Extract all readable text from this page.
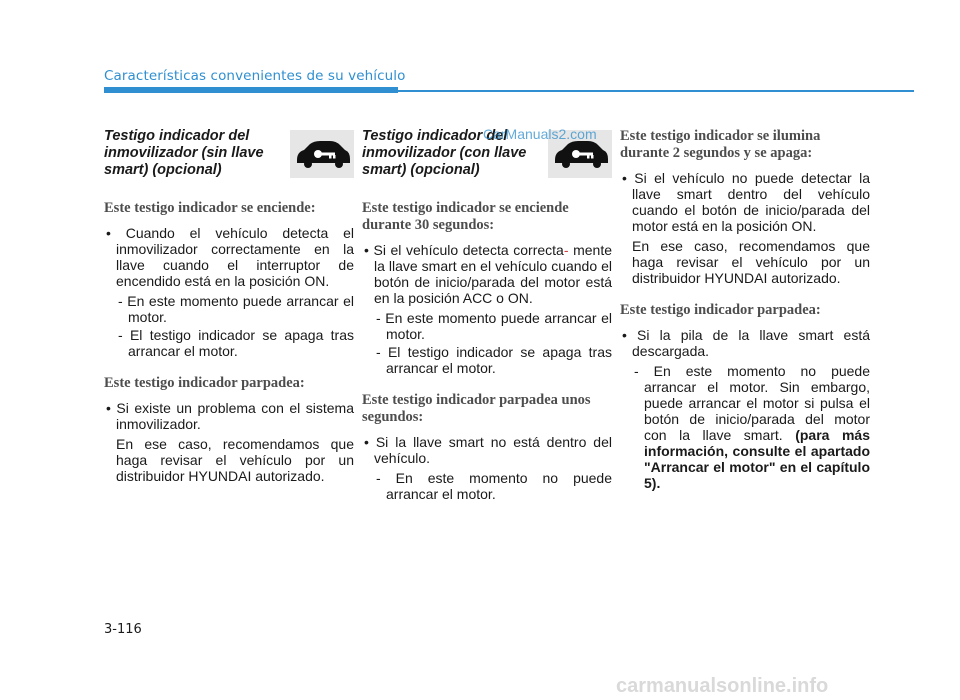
Características convenientes de su vehículo
Testigo indicador del inmovilizador (sin llave smart) (opcional)
Este testigo indicador se enciende:
• Cuando el vehículo detecta el inmovilizador correctamente en la llave cuando el interruptor de encendido está en la posición ON.
- En este momento puede arrancar el motor.
- El testigo indicador se apaga tras arrancar el motor.
Este testigo indicador parpadea:
• Si existe un problema con el sistema inmovilizador.
En ese caso, recomendamos que haga revisar el vehículo por un distribuidor HYUNDAI autorizado.
Testigo indicador del inmovilizador (con llave smart) (opcional)
Este testigo indicador se enciende durante 30 segundos:
• Si el vehículo detecta correcta- mente la llave smart en el vehículo cuando el botón de inicio/parada del motor está en la posición ACC o ON.
- En este momento puede arrancar el motor.
- El testigo indicador se apaga tras arrancar el motor.
Este testigo indicador parpadea unos segundos:
• Si la llave smart no está dentro del vehículo.
- En este momento no puede arrancar el motor.
Este testigo indicador se ilumina durante 2 segundos y se apaga:
• Si el vehículo no puede detectar la llave smart dentro del vehículo cuando el botón de inicio/parada del motor está en la posición ON.
En ese caso, recomendamos que haga revisar el vehículo por un distribuidor HYUNDAI autorizado.
Este testigo indicador parpadea:
• Si la pila de la llave smart está descargada.
- En este momento no puede arrancar el motor. Sin embargo, puede arrancar el motor si pulsa el botón de inicio/parada del motor con la llave smart. (para más información, consulte el apartado "Arrancar el motor" en el capítulo 5).
3-116
CarManuals2.com
carmanualsonline.info
